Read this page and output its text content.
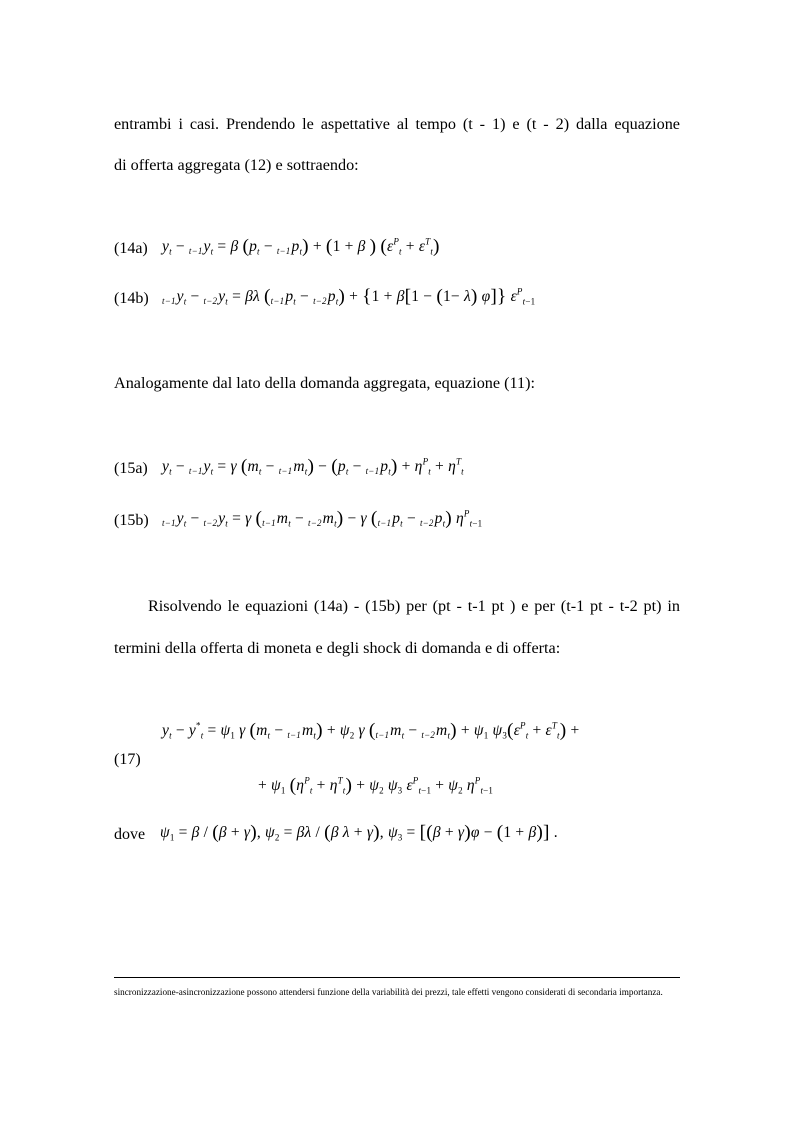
entrambi i casi. Prendendo le aspettative al tempo (t - 1) e (t - 2) dalla equazione
di offerta aggregata (12) e sottraendo:
(14a) $y_t - _{t-1}y_t = \beta$ $(p_t - _{t-1}p_t) + (1 + \beta$ ) $(\varepsilon^P_t + \varepsilon^T_t)$
(14b) $_{t-1}y_t - _{t-2}y_t = \beta\lambda$ $(_{t-1}p_t - _{t-2}p_t) + \{1 + \beta[1 - (1- \lambda)$ φ]} $\varepsilon^P_{t-1}$
Analogamente dal lato della domanda aggregata, equazione (11):
(15a) $y_t - _{t-1}y_t = \gamma$ $(m_t - _{t-1}m_t) - (p_t - _{t-1}p_t) + \eta^P_t + \eta^T_t$
(15b) $_{t-1}y_t - _{t-2}y_t = \gamma$ $(_{t-1}m_t - _{t-2}m_t) - \gamma$ $(_{t-1}p_t - _{t-2}p_t)$ $\eta^P_{t-1}$
Risolvendo le equazioni (14a) - (15b) per (pt - t-1 pt ) e per (t-1 pt - t-2 pt) in
termini della offerta di moneta e degli shock di domanda e di offerta:
(17)
$y_t - y^*_t = \psi_1$ γ $(m_t - _{t-1}m_t) + \psi_2$ γ $(_{t-1}m_t - _{t-2}m_t) + \psi_1$ $\psi_3(\varepsilon^P_t + \varepsilon^T_t)$ +
+ $\psi_1$ $(\eta^P_t + \eta^T_t) + \psi_2$ $\psi_3$ $\varepsilon^P_{t-1} + \psi_2$ $\eta^P_{t-1}$
dove $\psi_1 = \beta / (\beta + \gamma)$, $\psi_2 = \beta\lambda / (\beta$ λ + γ), $\psi_3 = [(\beta + \gamma)\varphi - (1 + \beta)]$ .
sincronizzazione-asincronizzazione possono attendersi funzione della variabilità dei prezzi, tale effetti vengono considerati di secondaria importanza.
